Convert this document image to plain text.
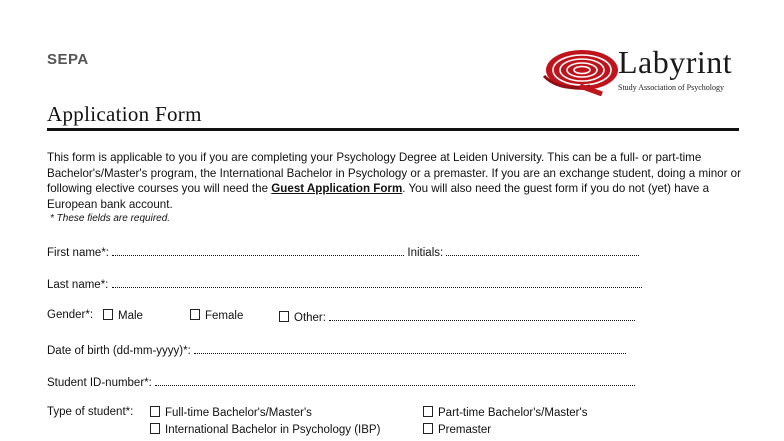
SEPA	Labyrint
Study Association of Psychology
Application Form
This form is applicable to you if you are completing your Psychology Degree at Leiden University. This can be a full- or part-time Bachelor's/Master's program, the International Bachelor in Psychology or a premaster. If you are an exchange student, doing a minor or following elective courses you will need the Guest Application Form. You will also need the guest form if you do not (yet) have a European bank account.
* These fields are required.
First name*:	Initials:
Last name*:
Gender*:	Male	Female	Other:
Date of birth (dd-mm-yyyy)*:
Student ID-number*:
Type of student*:	Full-time Bachelor's/Master's	Part-time Bachelor's/Master's
International Bachelor in Psychology (IBP)	Premaster
